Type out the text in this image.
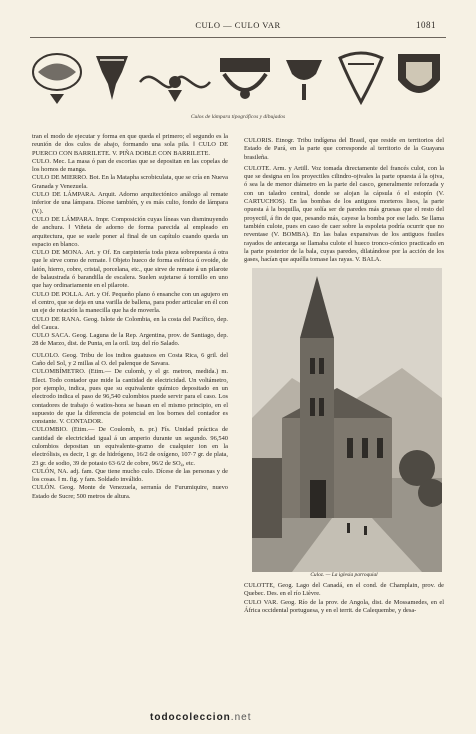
CULO — CULO VAR	1081
Culos de lámpara tipográficos y dibujados

tran el modo de ejecutar y forma en que queda el primero; el segundo es la reunión de dos culos de abajo, formando una sola pila. ‖ CULO DE PUERCO CON BARRILETE. V. PIÑA DOBLE CON BARRILETE.

CULO. Mec. La masa ó pan de escorias que se depositan en las copelas de los hornos de manga.

CULO DE MIERRO. Bot. En la Matapha scrobiculata, que se cría en Nueva Granada y Venezuela.

CULO DE LÁMPARA. Arquit. Adorno arquitectónico análogo al remate inferior de una lámpara. Dícese también, y es más culto, fondo de lámpara (V.).

CULO DE LÁMPARA. Impr. Composición cuyas líneas van disminuyendo de anchura. ‖ Viñeta de adorno de forma parecida al empleado en arquitectura, que se suele poner al final de un capítulo cuando queda un espacio en blanco.

CULO DE MONA. Art. y Of. En carpintería toda pieza sobrepuesta á otra que le sirve como de remate. ‖ Objeto hueco de forma esférica ú ovoide, de latón, hierro, cobre, cristal, porcelana, etc., que sirve de remate á un pilarote de balaustrada ó barandilla de escalera. Suelen sujetarse á tornillo en uno que hay ordinariamente en el pilarote.

CULO DE POLLA. Art. y Of. Pequeño plano ó ensanche con un agujero en el centro, que se deja en una varilla de ballena, para poder articular en él con un eje de rotación la manecilla que ha de moverla.

CULO DE RANA. Geog. Islote de Colombia, en la costa del Pacífico, dep. del Cauca.

CULO SACA. Geog. Laguna de la Rep. Argentina, prov. de Santiago, dep. 28 de Marzo, dist. de Punta, en la oril. izq. del río Salado.

CULOLO. Geog. Tribu de los indios guatusos en Costa Rica, 6 gril. del Caño del Sol, y 2 millas al O. del palenque de Savara.

CULOMBÍMETRO. (Etim.— De culomb, y el gr. metron, medida.) m. Elect. Todo contador que mide la cantidad de electricidad. Un voltámetro, por ejemplo, indica, pues que su equivalente químico depositado en un electrodo indica el paso de 96,540 culombios puede servir para el caso. Los contadores de trabajo ó watios-hora se basan en el mismo principio, en el supuesto de que la diferencia de potencial en los bornes del contador es constante. V. CONTADOR.

CULOMBIO. (Etim.— De Coulomb, n. pr.) Fís. Unidad práctica de cantidad de electricidad igual á un amperio durante un segundo. 96,540 culombios depositan un equivalente-gramo de cualquier ion en la electrólisis, es decir, 1 gr. de hidrógeno, 16/2 de oxígeno, 107·7 gr. de plata, 23 gr. de sodio, 39 de potasio 63·6/2 de cobre, 96/2 de SO₄, etc.

CULÓN, NA. adj. fam. Que tiene mucho culo. Dícese de las personas y de los cosas. ‖ m. fig. y fam. Soldado inválido.

CULÓN. Geog. Monte de Venezuela, serranía de Furumiquire, nuevo Estado de Sucre; 500 metros de altura.

CULORIS. Etnogr. Tribu indígena del Brasil, que reside en territorios del Estado de Pará, en la parte que corresponde al territorio de la Guayana brasileña.

CULOTE. Arm. y Artill. Voz tomada directamente del francés culot, con la que se designa en los proyectiles cilindro-ojivales la parte opuesta á la ojiva, ó sea la de menor diámetro en la parte del casco, generalmente reforzada y con un taladro central, donde se alojan la cápsula ó el estopín (V. CARTUCHOS). En las bombas de los antiguos morteros lisos, la parte opuesta á la boquilla, que solía ser de paredes más gruesas que el resto del proyectil, á fin de que, pesando más, cayese la bomba por ese lado. Se llama también culote, pues en caso de caer sobre la espoleta podría ocurrir que no reventase (V. BOMBA). En las balas expansivas de los antiguos fusiles rayados de antecarga se llamaba culote el hueco tronco-cónico practicado en la parte posterior de la bala, cuyas paredes, dilatándose por la acción de los gases, hacían que aquélla tomase las rayas. V. BALA.

Culoz. — La iglesia parroquial

CULOTTE, Geog. Lago del Canadá, en el cond. de Champlain, prov. de Quebec. Des. en el río Lièvre.

CULO VAR. Geog. Río de la prov. de Angola, dist. de Mossamedes, en el África occidental portuguesa, y en el territ. de Calequembe, y desa-

todocoleccion.net
